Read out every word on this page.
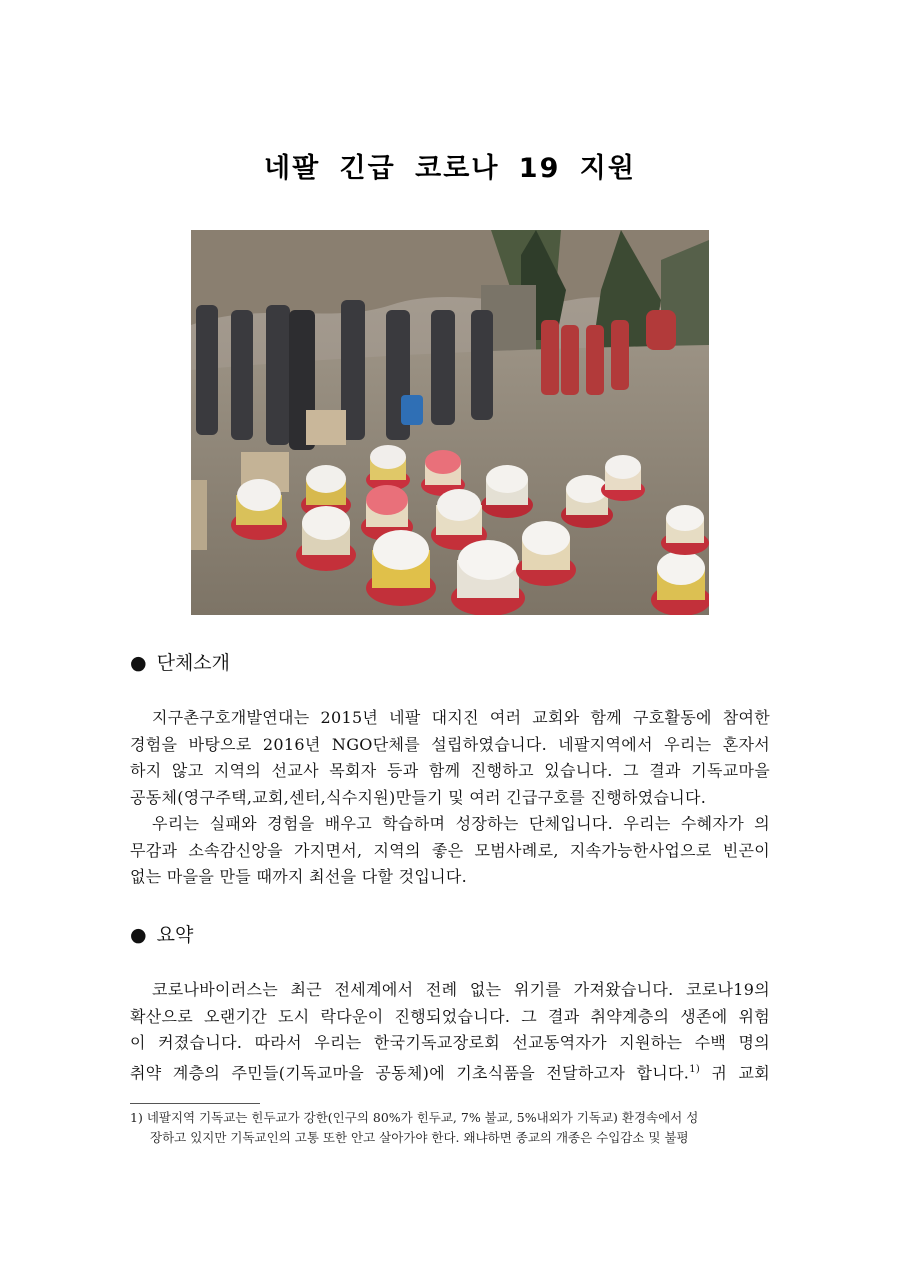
네팔 긴급 코로나 19 지원
● 단체소개

지구촌구호개발연대는 2015년 네팔 대지진 여러 교회와 함께 구호활동에 참여한
경험을 바탕으로 2016년 NGO단체를 설립하였습니다. 네팔지역에서 우리는 혼자서
하지 않고 지역의 선교사 목회자 등과 함께 진행하고 있습니다. 그 결과 기독교마을

공동체(영구주택,교회,센터,식수지원)만들기 및 여러 긴급구호를 진행하였습니다.

우리는 실패와 경험을 배우고 학습하며 성장하는 단체입니다. 우리는 수혜자가 의
무감과 소속감신앙을 가지면서, 지역의 좋은 모범사례로, 지속가능한사업으로 빈곤이

없는 마을을 만들 때까지 최선을 다할 것입니다.

● 요약

코로나바이러스는 최근 전세계에서 전례 없는 위기를 가져왔습니다. 코로나19의
확산으로 오랜기간 도시 락다운이 진행되었습니다. 그 결과 취약계층의 생존에 위험
이 커졌습니다. 따라서 우리는 한국기독교장로회 선교동역자가 지원하는 수백 명의
취약 계층의 주민들(기독교마을 공동체)에 기초식품을 전달하고자 합니다.$^{1)}$ 귀 교회

1) 네팔지역 기독교는 힌두교가 강한(인구의 80%가 힌두교, 7% 불교, 5%내외가 기독교) 환경속에서 성
장하고 있지만 기독교인의 고통 또한 안고 살아가야 한다. 왜냐하면 종교의 개종은 수입감소 및 불평
